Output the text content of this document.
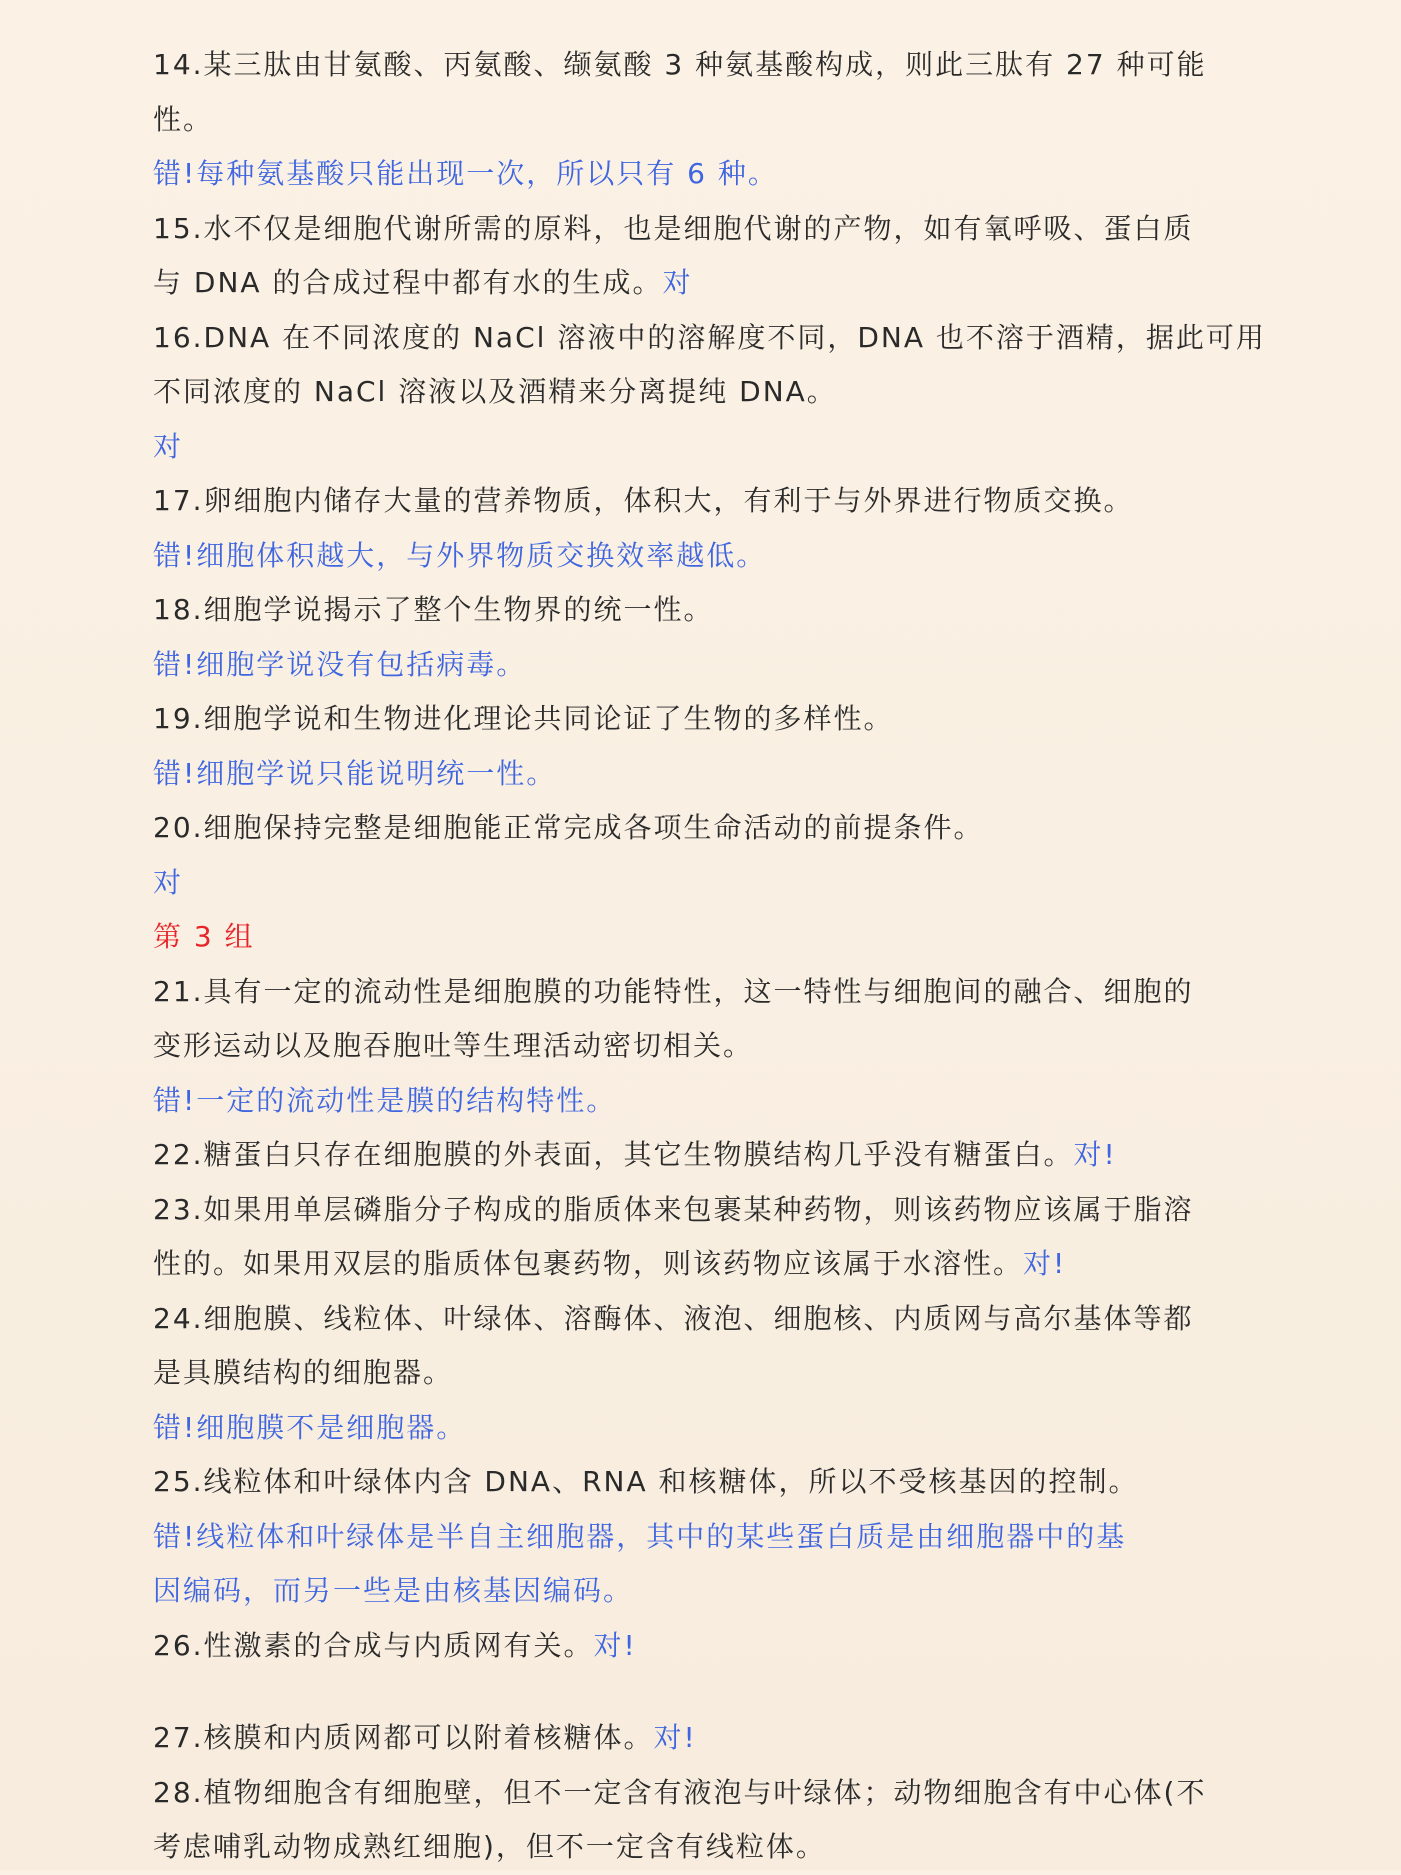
14.某三肽由甘氨酸、丙氨酸、缬氨酸 3 种氨基酸构成，则此三肽有 27 种可能
性。
错!每种氨基酸只能出现一次，所以只有 6 种。
15.水不仅是细胞代谢所需的原料，也是细胞代谢的产物，如有氧呼吸、蛋白质
与 DNA 的合成过程中都有水的生成。对
16.DNA 在不同浓度的 NaCl 溶液中的溶解度不同，DNA 也不溶于酒精，据此可用
不同浓度的 NaCl 溶液以及酒精来分离提纯 DNA。
对
17.卵细胞内储存大量的营养物质，体积大，有利于与外界进行物质交换。
错!细胞体积越大，与外界物质交换效率越低。
18.细胞学说揭示了整个生物界的统一性。
错!细胞学说没有包括病毒。
19.细胞学说和生物进化理论共同论证了生物的多样性。
错!细胞学说只能说明统一性。
20.细胞保持完整是细胞能正常完成各项生命活动的前提条件。
对
第 3 组
21.具有一定的流动性是细胞膜的功能特性，这一特性与细胞间的融合、细胞的
变形运动以及胞吞胞吐等生理活动密切相关。
错!一定的流动性是膜的结构特性。
22.糖蛋白只存在细胞膜的外表面，其它生物膜结构几乎没有糖蛋白。对!
23.如果用单层磷脂分子构成的脂质体来包裹某种药物，则该药物应该属于脂溶
性的。如果用双层的脂质体包裹药物，则该药物应该属于水溶性。对!
24.细胞膜、线粒体、叶绿体、溶酶体、液泡、细胞核、内质网与高尔基体等都
是具膜结构的细胞器。
错!细胞膜不是细胞器。
25.线粒体和叶绿体内含 DNA、RNA 和核糖体，所以不受核基因的控制。
错!线粒体和叶绿体是半自主细胞器，其中的某些蛋白质是由细胞器中的基
因编码，而另一些是由核基因编码。
26.性激素的合成与内质网有关。对!
27.核膜和内质网都可以附着核糖体。对!
28.植物细胞含有细胞壁，但不一定含有液泡与叶绿体；动物细胞含有中心体(不
考虑哺乳动物成熟红细胞)，但不一定含有线粒体。
